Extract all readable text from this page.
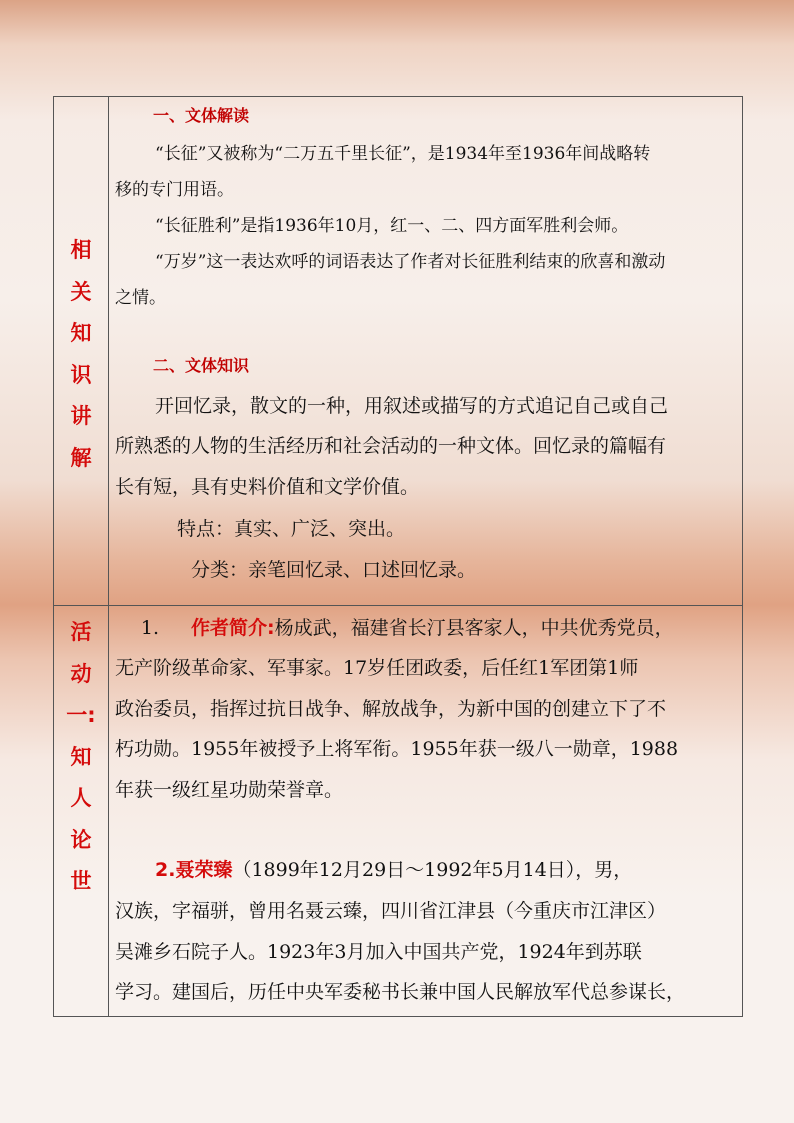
相
关
知
识
讲
解
活
动
一:
知
人
论
世
一、文体解读
“长征”又被称为“二万五千里长征”，是1934年至1936年间战略转
移的专门用语。
“长征胜利”是指1936年10月，红一、二、四方面军胜利会师。
“万岁”这一表达欢呼的词语表达了作者对长征胜利结束的欣喜和激动
之情。
二、文体知识
开回忆录，散文的一种，用叙述或描写的方式追记自己或自己
所熟悉的人物的生活经历和社会活动的一种文体。回忆录的篇幅有
长有短，具有史料价值和文学价值。
特点：真实、广泛、突出。
分类：亲笔回忆录、口述回忆录。
1. 作者简介:杨成武，福建省长汀县客家人，中共优秀党员，
无产阶级革命家、军事家。17岁任团政委，后任红1军团第1师
政治委员，指挥过抗日战争、解放战争，为新中国的创建立下了不
朽功勋。1955年被授予上将军衔。1955年获一级八一勋章，1988
年获一级红星功勋荣誉章。
2.聂荣臻（1899年12月29日～1992年5月14日），男，
汉族，字福骈，曾用名聂云臻，四川省江津县（今重庆市江津区）
吴滩乡石院子人。1923年3月加入中国共产党，1924年到苏联
学习。建国后，历任中央军委秘书长兼中国人民解放军代总参谋长，
